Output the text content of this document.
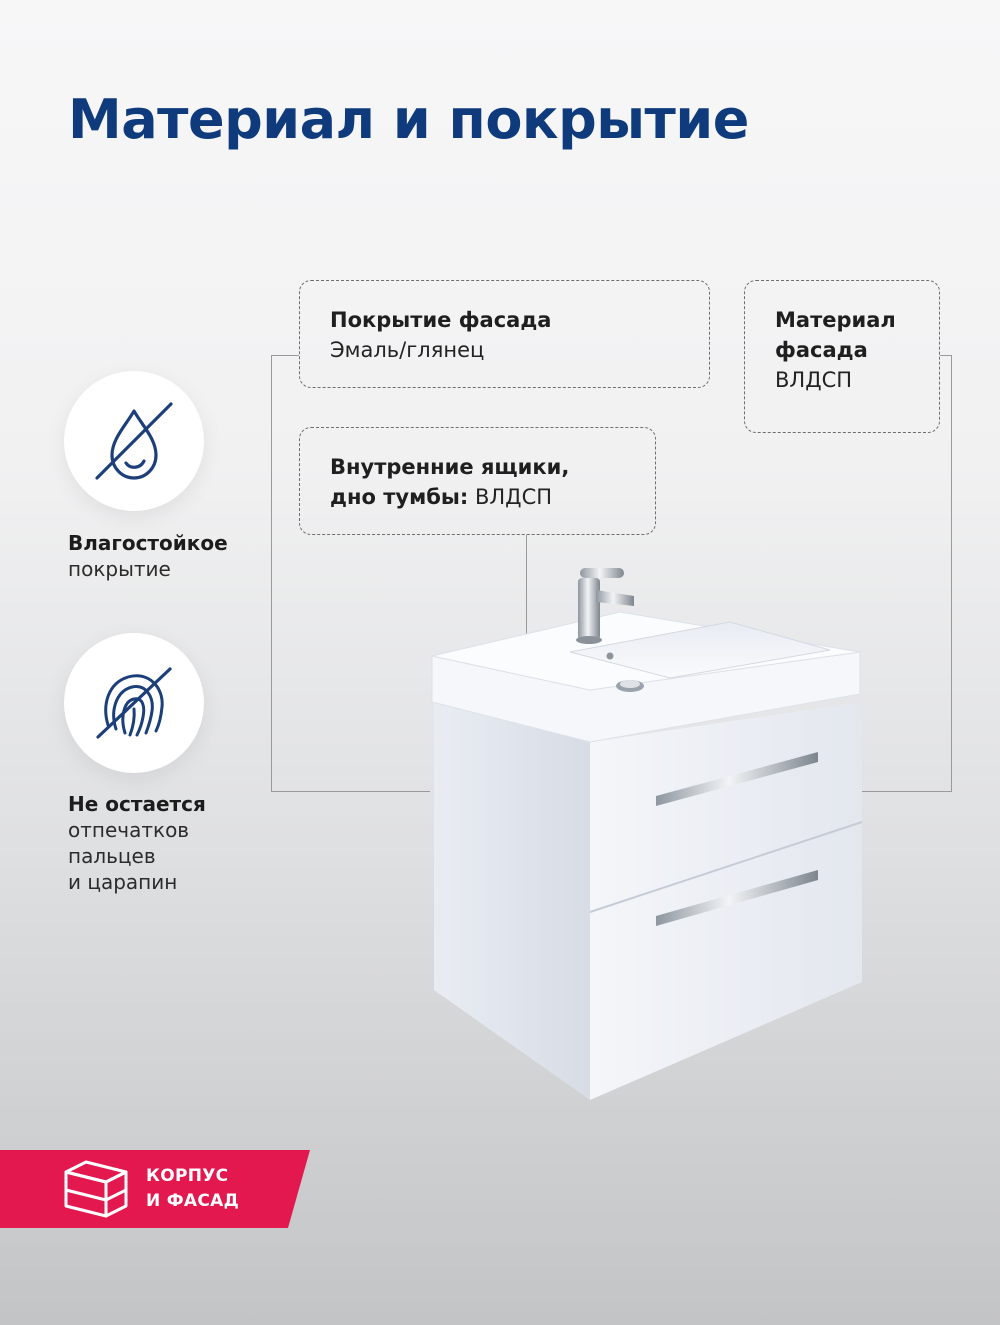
Материал и покрытие
Покрытие фасада
Эмаль/глянец
Внутренние ящики,
дно тумбы: ВЛДСП
Материал
фасада
ВЛДСП
Влагостойкое
покрытие
Не остается
отпечатков
пальцев
и царапин
КОРПУС
И ФАСАД
